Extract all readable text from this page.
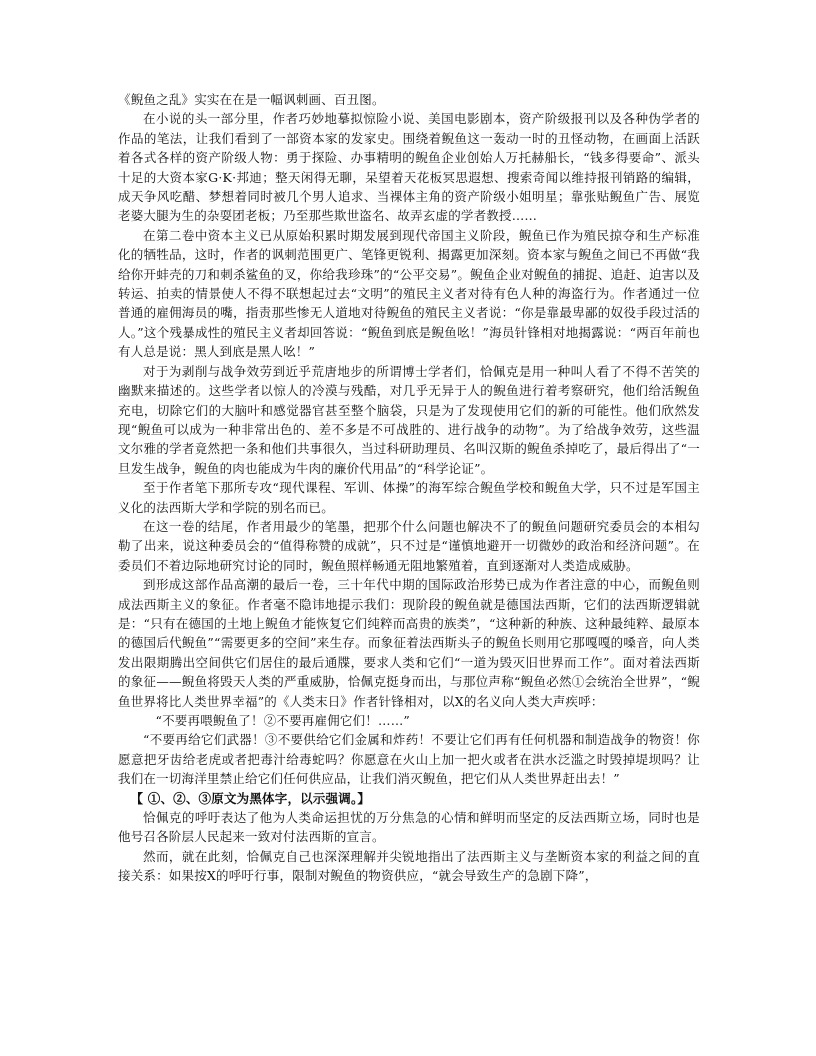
《鲵鱼之乱》实实在在是一幅讽刺画、百丑图。

在小说的头一部分里，作者巧妙地摹拟惊险小说、美国电影剧本，资产阶级报刊以及各种伪学者的作品的笔法，让我们看到了一部资本家的发家史。围绕着鲵鱼这一轰动一时的丑怪动物，在画面上活跃着各式各样的资产阶级人物：勇于探险、办事精明的鲵鱼企业创始人万托赫船长，“钱多得要命”、派头十足的大资本家G·K·邦迪；整天闲得无聊，呆望着天花板冥思遐想、搜索奇闻以维持报刊销路的编辑，成天争风吃醋、梦想着同时被几个男人追求、当裸体主角的资产阶级小姐明星；靠张贴鲵鱼广告、展览老婆大腿为生的杂耍团老板；乃至那些欺世盗名、故弄玄虚的学者教授……

在第二卷中资本主义已从原始积累时期发展到现代帝国主义阶段，鲵鱼已作为殖民掠夺和生产标准化的牺牲品，这时，作者的讽刺范围更广、笔锋更锐利、揭露更加深刻。资本家与鲵鱼之间已不再做“我给你开蚌壳的刀和刺杀鲨鱼的叉，你给我珍珠”的“公平交易”。鲵鱼企业对鲵鱼的捕捉、追赶、迫害以及转运、拍卖的情景使人不得不联想起过去“文明”的殖民主义者对待有色人种的海盗行为。作者通过一位普通的雇佣海员的嘴，指责那些惨无人道地对待鲵鱼的殖民主义者说：“你是靠最卑鄙的奴役手段过活的人。”这个残暴成性的殖民主义者却回答说：“鲵鱼到底是鲵鱼吆！”海员针锋相对地揭露说：“两百年前也有人总是说：黑人到底是黑人吆！”

对于为剥削与战争效劳到近乎荒唐地步的所谓博士学者们，恰佩克是用一种叫人看了不得不苦笑的幽默来描述的。这些学者以惊人的冷漠与残酷，对几乎无异于人的鲵鱼进行着考察研究，他们给活鲵鱼充电，切除它们的大脑叶和感觉器官甚至整个脑袋，只是为了发现使用它们的新的可能性。他们欣然发现“鲵鱼可以成为一种非常出色的、差不多是不可战胜的、进行战争的动物”。为了给战争效劳，这些温文尔雅的学者竟然把一条和他们共事很久，当过科研助理员、名叫汉斯的鲵鱼杀掉吃了，最后得出了“一旦发生战争，鲵鱼的肉也能成为牛肉的廉价代用品”的“科学论证”。

至于作者笔下那所专攻“现代课程、军训、体操”的海军综合鲵鱼学校和鲵鱼大学，只不过是军国主义化的法西斯大学和学院的别名而已。

在这一卷的结尾，作者用最少的笔墨，把那个什么问题也解决不了的鲵鱼问题研究委员会的本相勾勒了出来，说这种委员会的“值得称赞的成就”，只不过是“谨慎地避开一切微妙的政治和经济问题”。在委员们不着边际地研究讨论的同时，鲵鱼照样畅通无阻地繁殖着，直到逐渐对人类造成威胁。

到形成这部作品高潮的最后一卷，三十年代中期的国际政治形势已成为作者注意的中心，而鲵鱼则成法西斯主义的象征。作者毫不隐讳地提示我们：现阶段的鲵鱼就是德国法西斯，它们的法西斯逻辑就是：“只有在德国的土地上鲵鱼才能恢复它们纯粹而高贵的族类”，“这种新的种族、这种最纯粹、最原本的德国后代鲵鱼”“需要更多的空间”来生存。而象征着法西斯头子的鲵鱼长则用它那嘎嘎的嗓音，向人类发出限期腾出空间供它们居住的最后通牒，要求人类和它们“一道为毁灭旧世界而工作”。面对着法西斯的象征——鲵鱼将毁天人类的严重威胁，恰佩克挺身而出，与那位声称“鲵鱼必然①会统治全世界”，“鲵鱼世界将比人类世界幸福”的《人类末日》作者针锋相对，以X的名义向人类大声疾呼：

“不要再喂鲵鱼了！②不要再雇佣它们！……”

“不要再给它们武器！③不要供给它们金属和炸药！不要让它们再有任何机器和制造战争的物资！你愿意把牙齿给老虎或者把毒汁给毒蛇吗？你愿意在火山上加一把火或者在洪水泛滥之时毁掉堤坝吗？让我们在一切海洋里禁止给它们任何供应品，让我们消灭鲵鱼，把它们从人类世界赶出去！”

【 ①、②、③原文为黑体字，以示强调。】

恰佩克的呼吁表达了他为人类命运担忧的万分焦急的心情和鲜明而坚定的反法西斯立场，同时也是他号召各阶层人民起来一致对付法西斯的宣言。

然而，就在此刻，恰佩克自己也深深理解并尖锐地指出了法西斯主义与垄断资本家的利益之间的直接关系：如果按X的呼吁行事，限制对鲵鱼的物资供应，“就会导致生产的急剧下降”，
